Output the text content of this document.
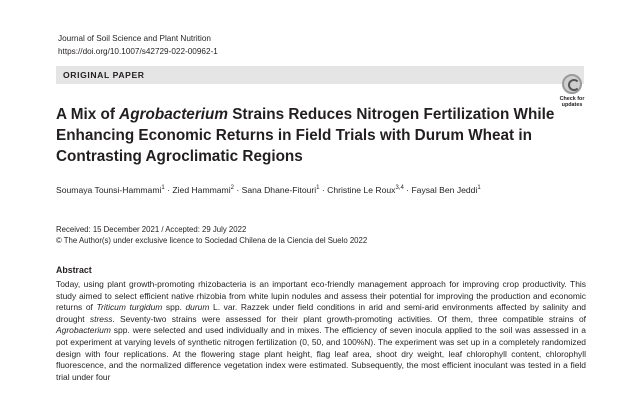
Journal of Soil Science and Plant Nutrition
https://doi.org/10.1007/s42729-022-00962-1
ORIGINAL PAPER
Check for
updates
A Mix of Agrobacterium Strains Reduces Nitrogen Fertilization While Enhancing Economic Returns in Field Trials with Durum Wheat in Contrasting Agroclimatic Regions
Soumaya Tounsi-Hammami$^1$ · Zied Hammami$^2$ · Sana Dhane-Fitouri$^1$ · Christine Le Roux$^{3,4}$ · Faysal Ben Jeddi$^1$
Received: 15 December 2021 / Accepted: 29 July 2022
© The Author(s) under exclusive licence to Sociedad Chilena de la Ciencia del Suelo 2022
Abstract

Today, using plant growth-promoting rhizobacteria is an important eco-friendly management approach for improving crop productivity. This study aimed to select efficient native rhizobia from white lupin nodules and assess their potential for improving the production and economic returns of Triticum turgidum spp. durum L. var. Razzek under field conditions in arid and semi-arid environments affected by salinity and drought stress. Seventy-two strains were assessed for their plant growth-promoting activities. Of them, three compatible strains of Agrobacterium spp. were selected and used individually and in mixes. The efficiency of seven inocula applied to the soil was assessed in a pot experiment at varying levels of synthetic nitrogen fertilization (0, 50, and 100%N). The experiment was set up in a completely randomized design with four replications. At the flowering stage plant height, flag leaf area, shoot dry weight, leaf chlorophyll content, chlorophyll fluorescence, and the normalized difference vegetation index were estimated. Subsequently, the most efficient inoculant was tested in a field trial under four
